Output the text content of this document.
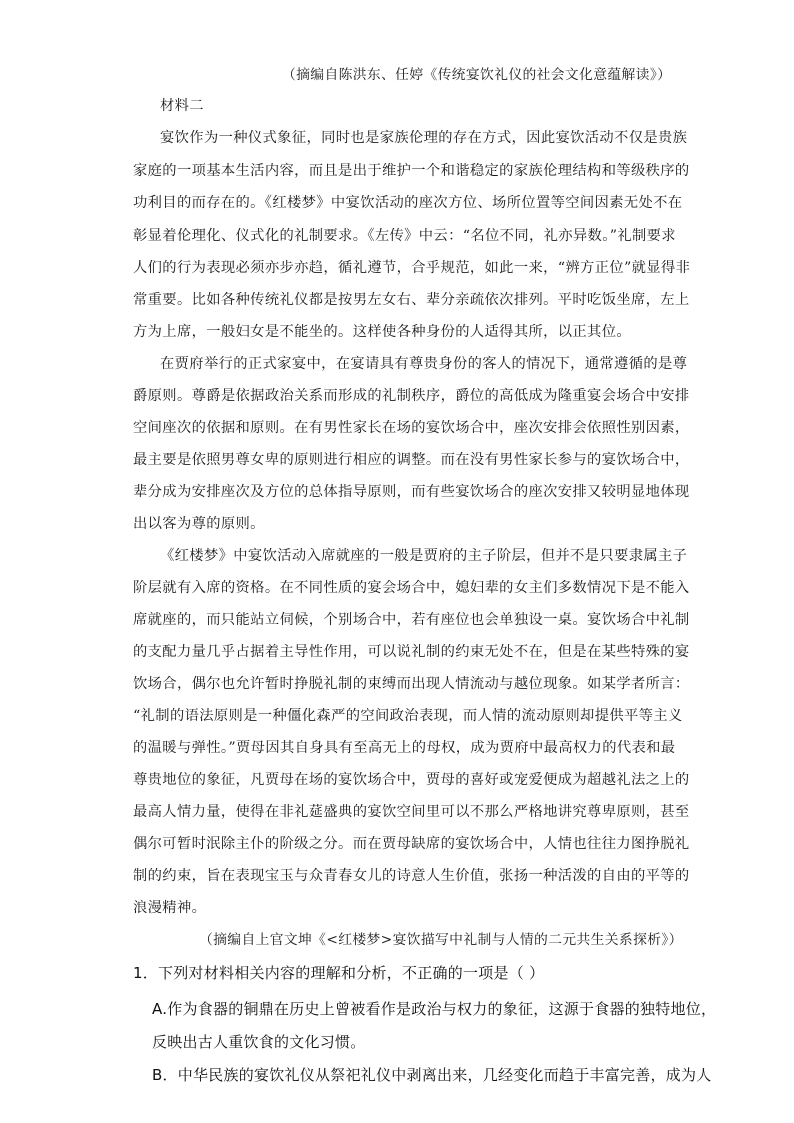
（摘编自陈洪东、任婷《传统宴饮礼仪的社会文化意蕴解读》）
材料二
宴饮作为一种仪式象征，同时也是家族伦理的存在方式，因此宴饮活动不仅是贵族
家庭的一项基本生活内容，而且是出于维护一个和谐稳定的家族伦理结构和等级秩序的
功利目的而存在的。《红楼梦》中宴饮活动的座次方位、场所位置等空间因素无处不在
彰显着伦理化、仪式化的礼制要求。《左传》中云：“名位不同，礼亦异数。”礼制要求
人们的行为表现必须亦步亦趋，循礼遵节，合乎规范，如此一来，“辨方正位”就显得非
常重要。比如各种传统礼仪都是按男左女右、辈分亲疏依次排列。平时吃饭坐席，左上
方为上席，一般妇女是不能坐的。这样使各种身份的人适得其所，以正其位。
在贾府举行的正式家宴中，在宴请具有尊贵身份的客人的情况下，通常遵循的是尊
爵原则。尊爵是依据政治关系而形成的礼制秩序，爵位的高低成为隆重宴会场合中安排
空间座次的依据和原则。在有男性家长在场的宴饮场合中，座次安排会依照性别因素，
最主要是依照男尊女卑的原则进行相应的调整。而在没有男性家长参与的宴饮场合中，
辈分成为安排座次及方位的总体指导原则，而有些宴饮场合的座次安排又较明显地体现
出以客为尊的原则。
《红楼梦》中宴饮活动入席就座的一般是贾府的主子阶层，但并不是只要隶属主子
阶层就有入席的资格。在不同性质的宴会场合中，媳妇辈的女主们多数情况下是不能入
席就座的，而只能站立伺候，个别场合中，若有座位也会单独设一桌。宴饮场合中礼制
的支配力量几乎占据着主导性作用，可以说礼制的约束无处不在，但是在某些特殊的宴
饮场合，偶尔也允许暂时挣脱礼制的束缚而出现人情流动与越位现象。如某学者所言：
“礼制的语法原则是一种僵化森严的空间政治表现，而人情的流动原则却提供平等主义
的温暖与弹性。”贾母因其自身具有至高无上的母权，成为贾府中最高权力的代表和最
尊贵地位的象征，凡贾母在场的宴饮场合中，贾母的喜好或宠爱便成为超越礼法之上的
最高人情力量，使得在非礼莚盛典的宴饮空间里可以不那么严格地讲究尊卑原则，甚至
偶尔可暂时泯除主仆的阶级之分。而在贾母缺席的宴饮场合中，人情也往往力图挣脱礼
制的约束，旨在表现宝玉与众青春女儿的诗意人生价值，张扬一种活泼的自由的平等的
浪漫精神。
（摘编自上官文坤《<红楼梦>宴饮描写中礼制与人情的二元共生关系探析》）
1．下列对材料相关内容的理解和分析，不正确的一项是（ ）
A.作为食器的铜鼎在历史上曾被看作是政治与权力的象征，这源于食器的独特地位，
反映出古人重饮食的文化习惯。
B．中华民族的宴饮礼仪从祭祀礼仪中剥离出来，几经变化而趋于丰富完善，成为人
